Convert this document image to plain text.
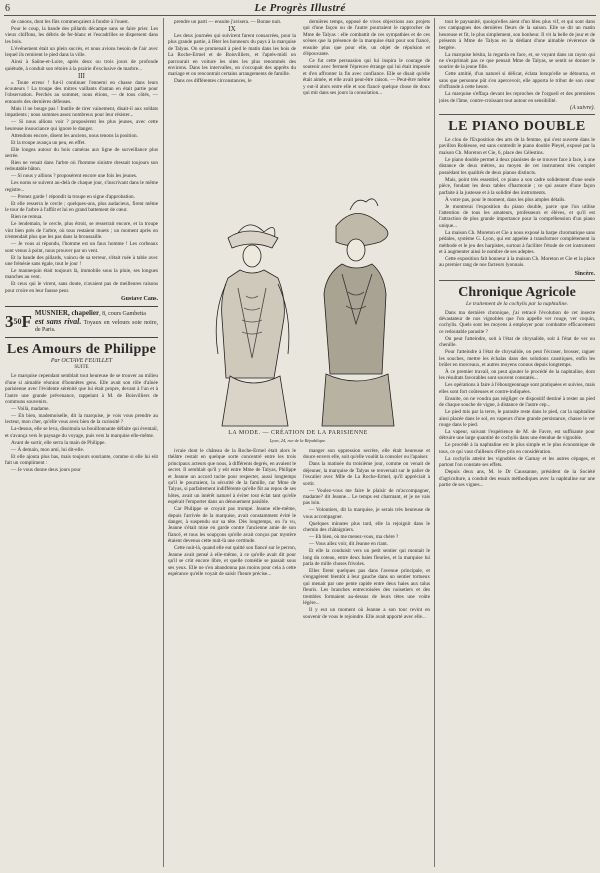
6	Le Progrès Illustré

de canons, dont les fûts commençaient à fondre à l'ouest.

Pour le coup, la bande des pillards décampe sans se faire prier. Les vieux chiffons, les débris de fer-blanc et l'escadrilles se dispersent dans les bois.

L'événement était un plein succès, et nous avions besoin de l'air avec lequel ils remirent le pied dans la ville.

Ainsi à Saône-et-Loire, après deux ou trois jours de profonde quiétude, à conduit son rétoire à la prairie d'exclusive de marbre...

III

« Toute erreur ! fut-il continuer l'ennemi en chasse dans leurs écouteurs ! La troupe des mitres vaillants d'antan en était partie pour l'observation. Perchés au sommet, nous étions, — de tous côtés, — entourés des dernières défenses.

Mais il ne bouge pas ! Inutile de tirer vainement, disait-il aux soldats impatients ; nous sommes assez nombreux pour leur résister...

— Si nous allions voir ? proposèrent les plus jeunes, avec cette heureuse insouciance qui ignore le danger.

Attendons encore, disent les anciens, nous tenons la position.

Et la troupe avança un peu, en effet.

Elle longea autour du bois caméras aux ligne de surveillance plus serrée.

Rien ne venait dans l'arbre où l'homme sinistre dressait toujours son redoutable bâton.

— Si nous y allions ? proposèrent encore une fois les jeunes.

Les noms se suivent au-delà de chaque jour, s'inscrivant dans le même registre...

— Prenez garde ! répondit la troupe en signe d'approbation.

Et elle resserra le cercle ; quelques-uns, plus audacieux, firent même le tour de l'arbre à l'affût et lui en grand battement de cœur.

Rien ne remua.

Le lendemain, le cercle, plus étroit, se resserrait encore, et la troupe vint bien près de l'arbre, où tous restaient muets ; un moment après on n'entendait plus que les pas dans la broussaille.

— Je vous ai répondu, l'homme est un faux homme ! Les corbeaux sont venus à point, nous prouver par un vent.

Et la bande des pillards, vaincu de sa terreur, s'était ruée à table avec une frénésie sans égale, tout le jour !

Le mannequin était toujours là, immobile sous la pluie, ses longues manches au vent.

Et ceux qui le virent, sans doute, n'avaient pas de meilleures raisons pour croire en leur fausse peur.

Gustave Cans.
$3^{50}F$ MUSNIER, chapelier, 8, cours Gambetta
est sans rival. Toyaux en velours soie noire, de Paris.
Les Amours de Philippe
Par OCTAVE FEUILLET
SUITE

Le marquise cependant semblait tout heureuse de se trouver au milieu d'une si aimable réunion d'honnêtes gens. Elle avait son rôle d'aînée parisienne avec l'évidente sérénité que lui était propre, devant à l'un et à l'autre une grande prévenance, rappelant à M. de Boisvilliers de communs souvenirs.

— Voilà, madame.

— Eh bien, mademoiselle, dit la marquise, je vois vous prendre au lecteur, mon cher, qu'elle vous avez bien de la curiosité ?

La-dessus, elle se leva, dissimula sa bouillonnante défaite qui éventail, et s'avança vers le paysage du voyage, puis vers la marquise elle-même.

Avant de sortir, elle serra la main de Philippe.

— À demain, mon ami, lui dit-elle.

Et elle ajouta plus bas, mais toujours souriante, comme si elle lui eût fait un compliment :

— Je vous donne deux jours pour

prendre un parti — ensuite j'avisera. — Bonne nuit.

IX

Les deux journées qui suivirent furent consacrées, pour la plus grande partie, à fêter les honneurs du pays à la marquise de Talyas. On se promenait à pied le matin dans les bois de La Roche-Ermel et de Boisvilliers, et l'après-midi on parcourait en voiture les sites les plus renommés des environs. Dans les intervalles, on s'occupait des apprêts du mariage et on rencontrait certains arrangements de famille.

Dans ces différentes circonstances, le

dernières temps, opposé de vives objections aux projets qui d'une façon ou de l'autre pourraient le rapprocher de Mme de Talyas : elle combattit de ces sympathies et de ces scènes que la présence de la marquise était pour son fiancé, ensuite plus que pour elle, un objet de répulsion et d'épouvante.

Ce fut cette persuasion qui lui inspira le courage de soutenir avec fermeté l'épreuve étrange qui lui était imposée et d'en affronter la fin avec confiance. Elle se disait qu'elle était aimée, et elle avait peut-être raison. — Peut-être même y eut-il alors entre elle et son fiancé quelque chose de doux qui mit dans ses jours la consolation...

LA MODE. — CRÉATION DE LA PARISIENNE
Lyon, 24, rue de la République.

ivraie dont le château de la Roche-Ermel était alors le théâtre restait en quelque sorte concentré entre les trois principaux acteurs que nous, à différents degrés, en avaient le secret. Il semblait qu'il y eût entre Mme de Talyas, Philippe et Jeanne un accord tacite pour respecter, aussi longtemps qu'il le pourraient, la sécurité de la famille, car Mme de Talyas, si parfaitement indifférente qu'elle fût au repos de ses hôtes, avait un intérêt naturel à éviter tout éclat tant qu'elle espérait l'emporter dans un dénouement paisible.

Car Philippe se croyait pas trompé. Jeanne elle-même, depuis l'arrivée de la marquise, avait constamment évité le danger, à suspendu sur sa tête. Dès longtemps, on l'a vu, Jeanne s'était mise en garde contre l'ancienne amie de son fiancé, et tous les soupçons qu'elle avait conçus par mystère étaient devenus cette nuit-là une certitude.

Cette nuit-là, quand elle eut quitté son fiancé sur le perron, Jeanne avait pensé à elle-même, à ce qu'elle avait dit pour qu'il se crût encore libre, et quelle comédie se passait sous ses yeux. Elle ne s'en abandonna pas moins pour cela à cette espérance qu'elle voyait de saisir l'heure précise...

manger son oppression secrète, elle était heureuse et douce envers elle, soit qu'elle voulût la consoler ou l'apaiser.

Dans la matinée du troisième jour, comme on venait de déjeuner, la marquise de Talyas se renversait sur le palier de l'escalier avec Mlle de La Roche-Ermel, qu'il appréciait à sortir.

— Voulez-vous me faire le plaisir de m'accompagner, madame? dit Jeanne... Le temps est charmant, et je ne vais pas loin.

— Volontiers, dit la marquise, je serais très heureuse de vous accompagner.

Quelques minutes plus tard, elle la rejoignit dans le chemin des châtaigniers.

— Eh bien, où me menez-vous, ma chère ?

— Vous allez voir, dit Jeanne en riant.

Et elle la conduisit vers un petit sentier qui montait le long du coteau, entre deux haies fleuries, et la marquise lui parla de mille choses frivoles.

Elles firent quelques pas dans l'avenue principale, et s'engagèrent bientôt à leur gauche dans un sentier tortueux qui menait par une pente rapide entre deux haies aux talus fleuris. Les branches entrecroisées des noisetiers et des trembles formaient au-dessus de leurs têtes une voûte légère...

Il y eut un moment où Jeanne a son tour revint en souvenir de vous le rejoindre. Elle avait apporté avec elle...

tout le paysanité, quoiqu'elles aient d'un bleu plus vif, et qui sont dans ces campagnes des dernières fleurs de la saison. Elle se dit un matin heureuse et fit, le plus simplement, son bonheur. Il vit la belle de jour et de présents à Mme de Talyas en la dédiant d'une aimable révérence de bergère.

La marquise hésita, la regarda en face, et, se voyant dans un rayon qui ne s'exprimait pas ce que pensait Mme de Talyas, se sentit se donner le sourire de la jeune fille.

Cette amitié, d'un naturel si délicat, éclata lorsqu'elle se détourna, et sans que personne pût s'en apercevoir, elle apporta le tribut de son cœur d'offrande à cette heure.

La marquise s'effaça devant les reproches de l'orgueil et des premières joies de l'âme, contre-croissant tout autour en sensibilité.

(A suivre).
LE PIANO DOUBLE

Le clou de l'Exposition des arts de la femme, qui s'est ouverte dans le pavillon Rohleuse, est sans contredit le piano double Pleyel, exposé par la maison Ch. Moreton et Cie, 6, place des Célestins.

Le piano double permet à deux pianistes de se trouver face à face, à une distance de deux mètres, au moyen de cet instrument très complet possédant les qualités de deux pianos distincts.

Mais, point très essentiel, ce piano a son cadre solidement d'une seule pièce, fondant les deux tables d'harmonie ; ce qui assure d'une façon parfaite à la justesse et à la solidité des instruments.

À votre pas, pour le moment, dans les plus amples détails.

Je montrerai l'exposition du piano double, parce que l'on utilise l'attention de tous les amateurs, professeurs et élèves, et qu'il est l'attraction de plus grande importance pour la compréhension d'un piano unique...

La maison Ch. Moreton et Cie a nous exposé la harpe chromatique sans pédales, système G. Lyon, qui est appelée à transformer complètement la méthode et le jeu des harpistes, surtout à faciliter l'étude de cet instrument et à augmenter ainsi le nombre de ses adeptes.

Cette exposition fait honneur à la maison Ch. Moreton et Cie et la place au premier rang de nos facteurs lyonnais.

Sincère.
Chronique Agricole
Le traitement de la cochylis par la naphtaline.

Dans ma dernière chronique, j'ai retracé l'évolution de cet insecte dévastateur de nos vignobles que l'on appelle ver rouge, ver coquin, cochylis. Quels sont les moyens à employer pour combattre efficacement ce redoutable parasite ?

On peut l'atteindre, soit à l'état de chrysalide, soit à l'état de ver ou chenille.

Pour l'atteindre à l'état de chrysalide, on peut l'écraser, brosser, raguer les souches, mettre les échalas dans des solutions caustiques, enfin les brûler en morceaux, et autres moyens connus depuis longtemps.

À ce premier travail, on peut ajouter le procédé de la naphtaline, dont les résultats favorables sont souvent constatés...

Les opérations à faire à l'ébourgeonnage sont pratiquées et suivies, mais elles sont fort coûteuses et contre-indiquées.

Ensuite, on ne voudra pas négliger ce dispositif destiné à rester au pied de chaque souche de vigne, à distance de l'autre cep...

Le pied mis par la terre, le parasite reste dans le pied, car la naphtaline ainsi placée dans le sol, en vapeurs d'une grande persistance, chasse le ver rouge dans le pied.

La vapeur, suivant l'expérience de M. de Favre, est suffisante pour détruire une large quantité de cochylis dans une étendue de vignoble.

Le procédé à la naphtaline est le plus simple et le plus économique de tous, ce qui vaut d'ailleurs d'être pris en considération.

La cochylis atteint les vignobles de Gamay et les autres cépages, et partout l'on constate ses effets.

Depuis deux ans, M. le Dr Caussanne, président de la Société d'agriculture, a conduit des essais méthodiques avec la naphtaline sur une partie de ses vignes...
